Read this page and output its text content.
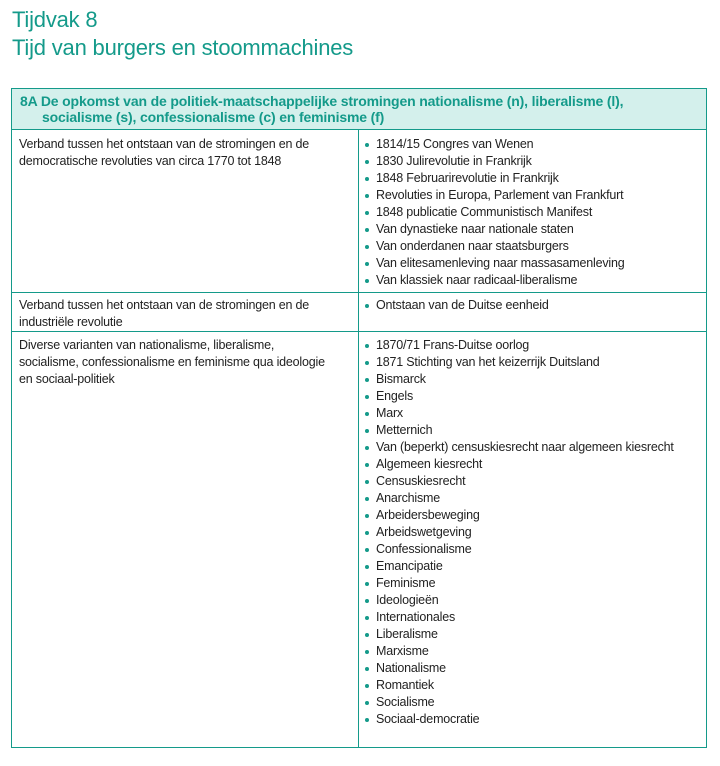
Tijdvak 8
Tijd van burgers en stoommachines
8A De opkomst van de politiek-maatschappelijke stromingen nationalisme (n), liberalisme (l),
socialisme (s), confessionalisme (c) en feminisme (f)
Verband tussen het ontstaan van de stromingen en de
democratische revoluties van circa 1770 tot 1848
1814/15 Congres van Wenen
1830 Julirevolutie in Frankrijk
1848 Februarirevolutie in Frankrijk
Revoluties in Europa, Parlement van Frankfurt
1848 publicatie Communistisch Manifest
Van dynastieke naar nationale staten
Van onderdanen naar staatsburgers
Van elitesamenleving naar massasamenleving
Van klassiek naar radicaal-liberalisme
Verband tussen het ontstaan van de stromingen en de
industriële revolutie
Ontstaan van de Duitse eenheid
Diverse varianten van nationalisme, liberalisme,
socialisme, confessionalisme en feminisme qua ideologie
en sociaal-politiek
1870/71 Frans-Duitse oorlog
1871 Stichting van het keizerrijk Duitsland
Bismarck
Engels
Marx
Metternich
Van (beperkt) censuskiesrecht naar algemeen kiesrecht
Algemeen kiesrecht
Censuskiesrecht
Anarchisme
Arbeidersbeweging
Arbeidswetgeving
Confessionalisme
Emancipatie
Feminisme
Ideologieën
Internationales
Liberalisme
Marxisme
Nationalisme
Romantiek
Socialisme
Sociaal-democratie
